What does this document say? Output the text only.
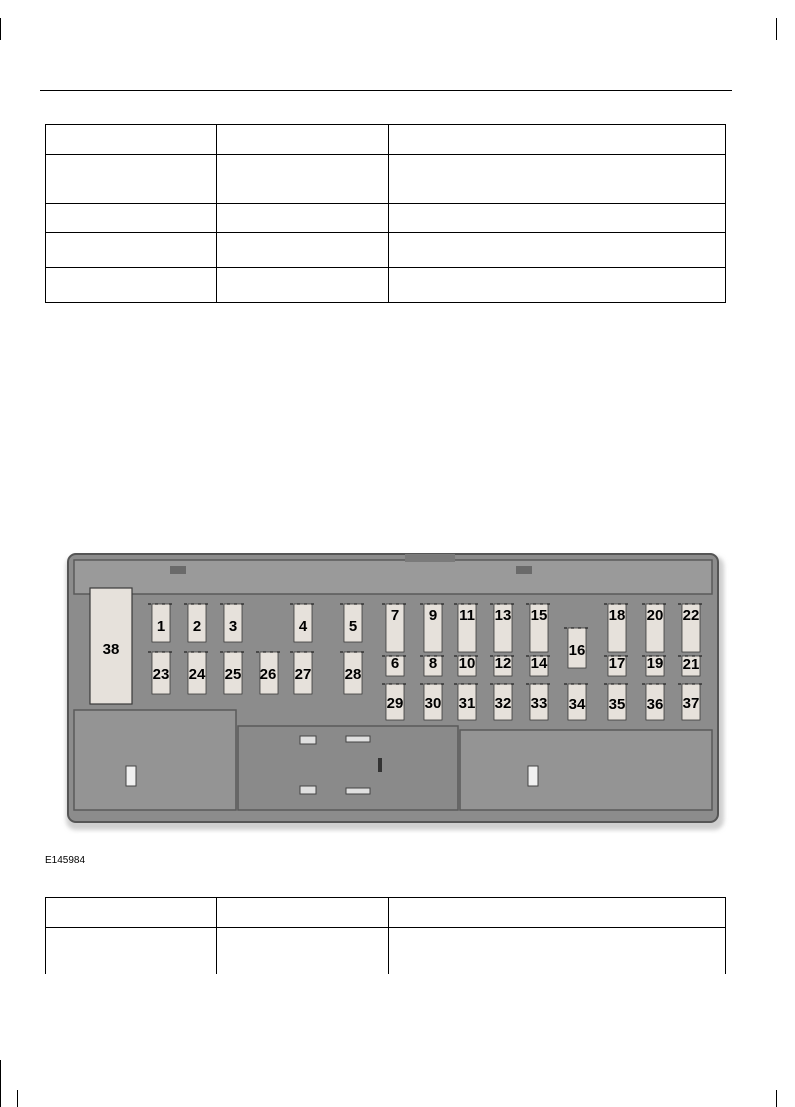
1 2 3	4	5
6
7
8
9
10
11
12
13
14
15
16
17
18
19
20
21
22
23 24 25 26 27 28
29 30 31 32 33 34 35 36 37
38
E145984
